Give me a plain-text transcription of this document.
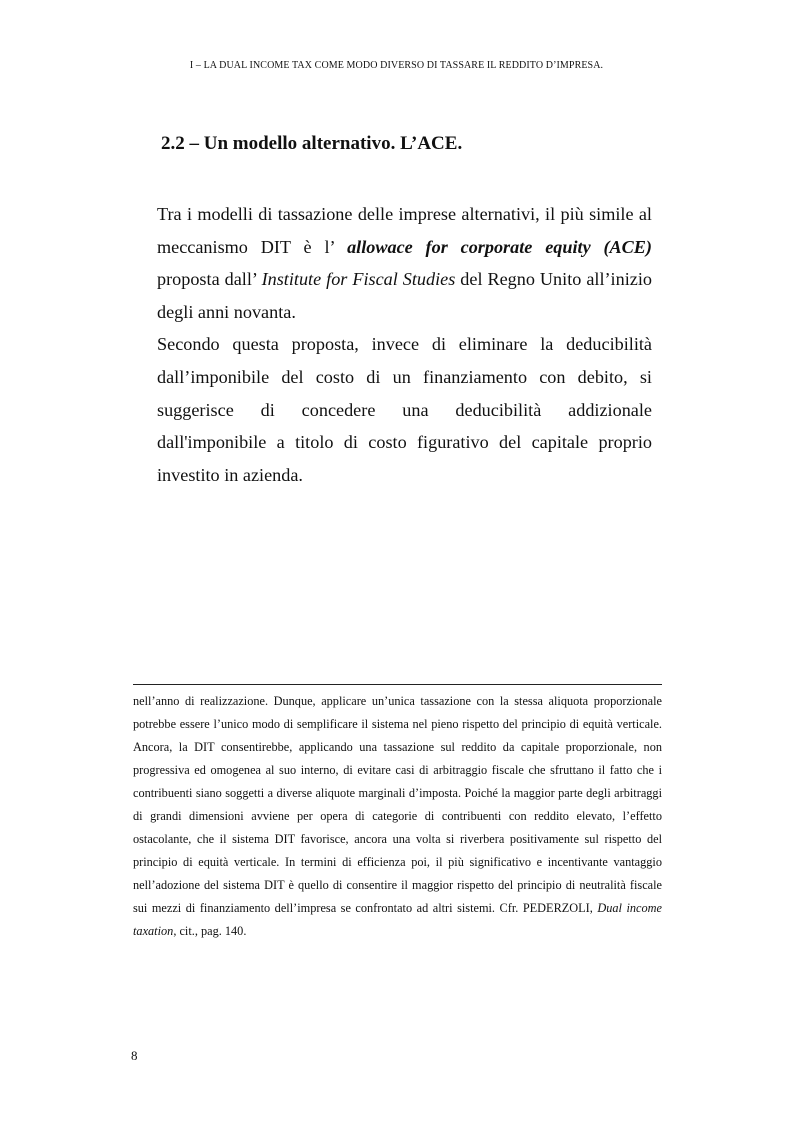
I – LA DUAL INCOME TAX COME MODO DIVERSO DI TASSARE IL REDDITO D’IMPRESA.
2.2 – Un modello alternativo. L’ACE.

Tra i modelli di tassazione delle imprese alternativi, il più simile al meccanismo DIT è l’ allowace for corporate equity (ACE) proposta dall’ Institute for Fiscal Studies del Regno Unito all’inizio degli anni novanta.

Secondo questa proposta, invece di eliminare la deducibilità dall’imponibile del costo di un finanziamento con debito, si suggerisce di concedere una deducibilità addizionale dall'imponibile a titolo di costo figurativo del capitale proprio investito in azienda.

nell’anno di realizzazione. Dunque, applicare un’unica tassazione con la stessa aliquota proporzionale potrebbe essere l’unico modo di semplificare il sistema nel pieno rispetto del principio di equità verticale. Ancora, la DIT consentirebbe, applicando una tassazione sul reddito da capitale proporzionale, non progressiva ed omogenea al suo interno, di evitare casi di arbitraggio fiscale che sfruttano il fatto che i contribuenti siano soggetti a diverse aliquote marginali d’imposta. Poiché la maggior parte degli arbitraggi di grandi dimensioni avviene per opera di categorie di contribuenti con reddito elevato, l’effetto ostacolante, che il sistema DIT favorisce, ancora una volta si riverbera positivamente sul rispetto del principio di equità verticale. In termini di efficienza poi, il più significativo e incentivante vantaggio nell’adozione del sistema DIT è quello di consentire il maggior rispetto del principio di neutralità fiscale sui mezzi di finanziamento dell’impresa se confrontato ad altri sistemi. Cfr. PEDERZOLI, Dual income taxation, cit., pag. 140.

8
